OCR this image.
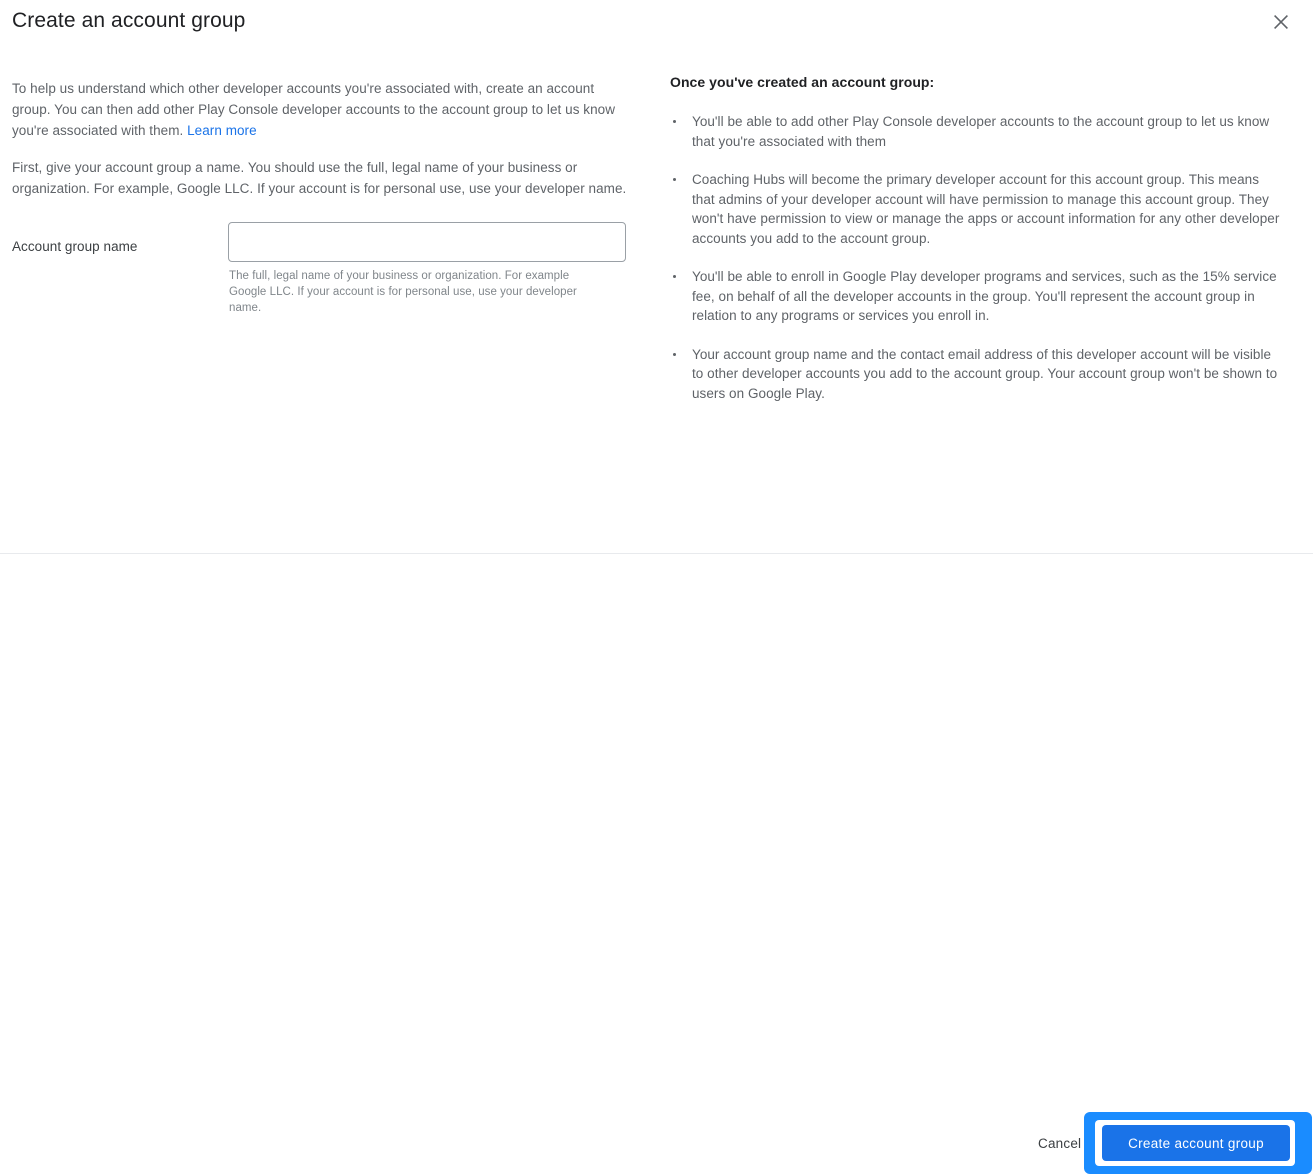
Create an account group

To help us understand which other developer accounts you're associated with, create an account group. You can then add other Play Console developer accounts to the account group to let us know you're associated with them. Learn more

First, give your account group a name. You should use the full, legal name of your business or organization. For example, Google LLC. If your account is for personal use, use your developer name.

Account group name
The full, legal name of your business or organization. For example Google LLC. If your account is for personal use, use your developer name.
Once you've created an account group:
You'll be able to add other Play Console developer accounts to the account group to let us know that you're associated with them
Coaching Hubs will become the primary developer account for this account group. This means that admins of your developer account will have permission to manage this account group. They won't have permission to view or manage the apps or account information for any other developer accounts you add to the account group.
You'll be able to enroll in Google Play developer programs and services, such as the 15% service fee, on behalf of all the developer accounts in the group. You'll represent the account group in relation to any programs or services you enroll in.
Your account group name and the contact email address of this developer account will be visible to other developer accounts you add to the account group. Your account group won't be shown to users on Google Play.
Cancel	Create account group
